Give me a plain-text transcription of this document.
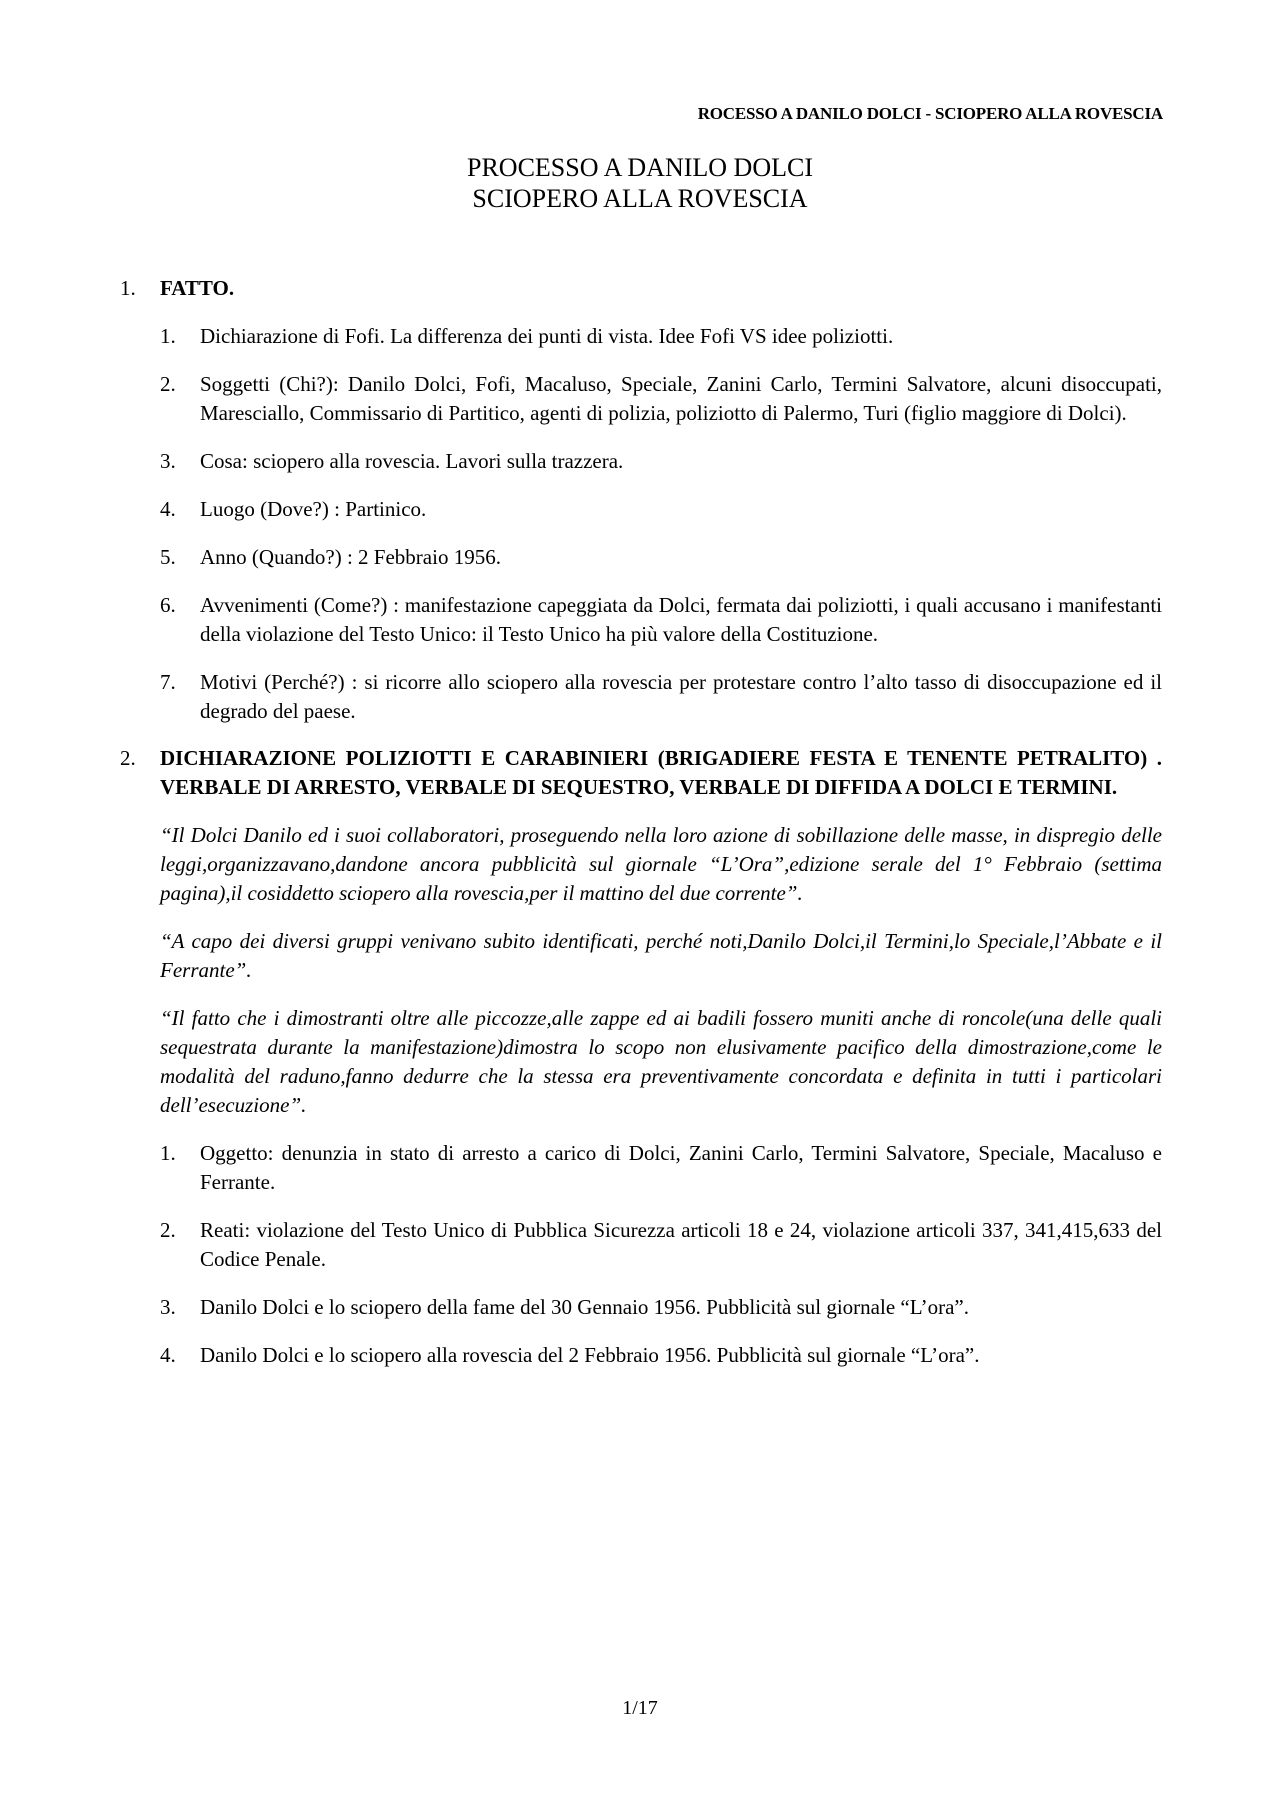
ROCESSO A DANILO DOLCI - SCIOPERO ALLA ROVESCIA
PROCESSO A DANILO DOLCI
SCIOPERO ALLA ROVESCIA
1.	FATTO.
1.	Dichiarazione di Fofi. La differenza dei punti di vista. Idee Fofi VS idee poliziotti.
2.	Soggetti (Chi?): Danilo Dolci, Fofi, Macaluso, Speciale, Zanini Carlo, Termini Salvatore, alcuni disoccupati, Maresciallo, Commissario di Partitico, agenti di polizia, poliziotto di Palermo, Turi (figlio maggiore di Dolci).
3.	Cosa: sciopero alla rovescia. Lavori sulla trazzera.
4.	Luogo (Dove?) : Partinico.
5.	Anno (Quando?) : 2 Febbraio 1956.
6.	Avvenimenti (Come?) : manifestazione capeggiata da Dolci, fermata dai poliziotti, i quali accusano i manifestanti della violazione del Testo Unico: il Testo Unico ha più valore della Costituzione.
7.	Motivi (Perché?) : si ricorre allo sciopero alla rovescia per protestare contro l’alto tasso di disoccupazione ed il degrado del paese.
2.	DICHIARAZIONE POLIZIOTTI E CARABINIERI (BRIGADIERE FESTA E TENENTE PETRALITO) . VERBALE DI ARRESTO, VERBALE DI SEQUESTRO, VERBALE DI DIFFIDA A DOLCI E TERMINI.
“Il Dolci Danilo ed i suoi collaboratori, proseguendo nella loro azione di sobillazione delle masse, in dispregio delle leggi,organizzavano,dandone ancora pubblicità sul giornale “L’Ora”,edizione serale del 1° Febbraio (settima pagina),il cosiddetto sciopero alla rovescia,per il mattino del due corrente”.
“A capo dei diversi gruppi venivano subito identificati, perché noti,Danilo Dolci,il Termini,lo Speciale,l’Abbate e il Ferrante”.
“Il fatto che i dimostranti oltre alle piccozze,alle zappe ed ai badili fossero muniti anche di roncole(una delle quali sequestrata durante la manifestazione)dimostra lo scopo non elusivamente pacifico della dimostrazione,come le modalità del raduno,fanno dedurre che la stessa era preventivamente concordata e definita in tutti i particolari dell’esecuzione”.
1.	Oggetto: denunzia in stato di arresto a carico di Dolci, Zanini Carlo, Termini Salvatore, Speciale, Macaluso e Ferrante.
2.	Reati: violazione del Testo Unico di Pubblica Sicurezza articoli 18 e 24, violazione articoli 337, 341,415,633 del Codice Penale.
3.	Danilo Dolci e lo sciopero della fame del 30 Gennaio 1956. Pubblicità sul giornale “L’ora”.
4.	Danilo Dolci e lo sciopero alla rovescia del 2 Febbraio 1956. Pubblicità sul giornale “L’ora”.
1/17
